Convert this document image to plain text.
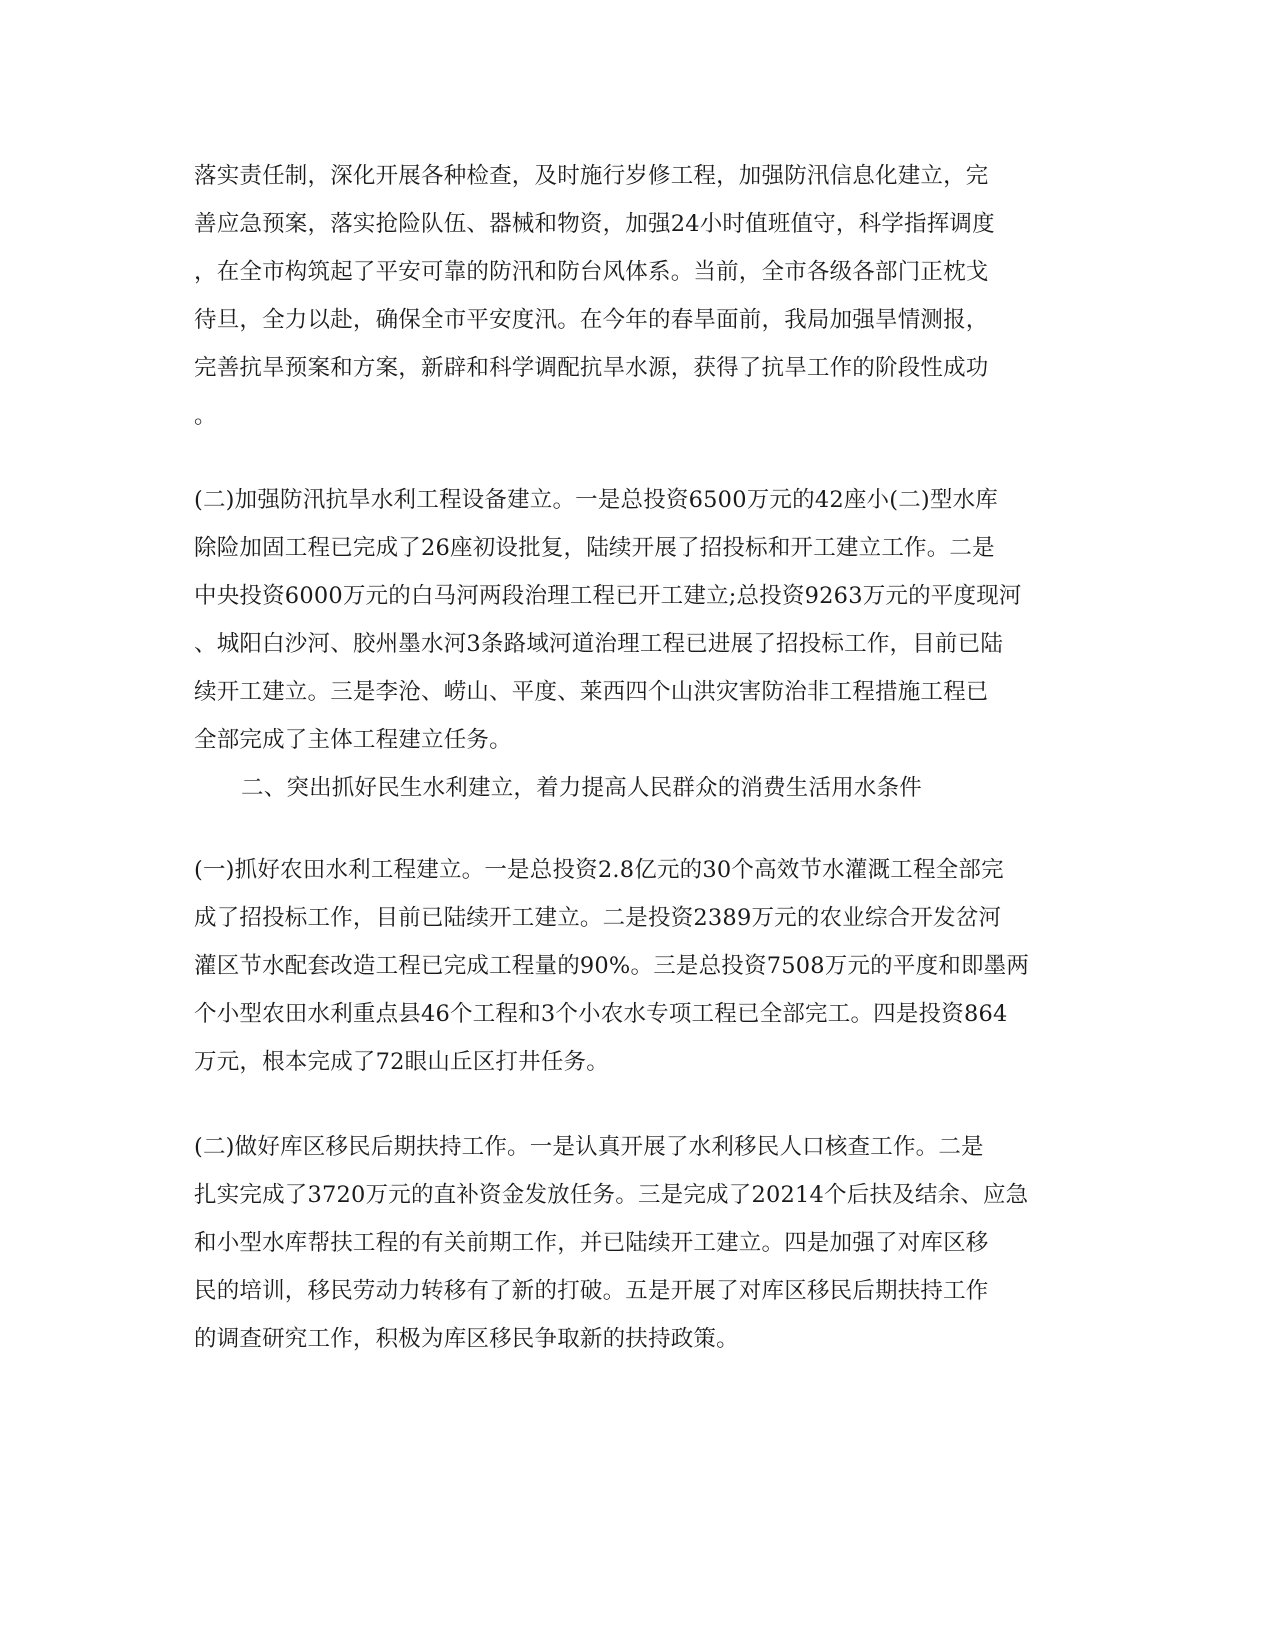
落实责任制，深化开展各种检查，及时施行岁修工程，加强防汛信息化建立，完
善应急预案，落实抢险队伍、器械和物资，加强24小时值班值守，科学指挥调度
，在全市构筑起了平安可靠的防汛和防台风体系。当前，全市各级各部门正枕戈
待旦，全力以赴，确保全市平安度汛。在今年的春旱面前，我局加强旱情测报，
完善抗旱预案和方案，新辟和科学调配抗旱水源，获得了抗旱工作的阶段性成功
。
(二)加强防汛抗旱水利工程设备建立。一是总投资6500万元的42座小(二)型水库
除险加固工程已完成了26座初设批复，陆续开展了招投标和开工建立工作。二是
中央投资6000万元的白马河两段治理工程已开工建立;总投资9263万元的平度现河
、城阳白沙河、胶州墨水河3条路域河道治理工程已进展了招投标工作，目前已陆
续开工建立。三是李沧、崂山、平度、莱西四个山洪灾害防治非工程措施工程已
全部完成了主体工程建立任务。
二、突出抓好民生水利建立，着力提高人民群众的消费生活用水条件
(一)抓好农田水利工程建立。一是总投资2.8亿元的30个高效节水灌溉工程全部完
成了招投标工作，目前已陆续开工建立。二是投资2389万元的农业综合开发岔河
灌区节水配套改造工程已完成工程量的90%。三是总投资7508万元的平度和即墨两
个小型农田水利重点县46个工程和3个小农水专项工程已全部完工。四是投资864
万元，根本完成了72眼山丘区打井任务。
(二)做好库区移民后期扶持工作。一是认真开展了水利移民人口核查工作。二是
扎实完成了3720万元的直补资金发放任务。三是完成了20214个后扶及结余、应急
和小型水库帮扶工程的有关前期工作，并已陆续开工建立。四是加强了对库区移
民的培训，移民劳动力转移有了新的打破。五是开展了对库区移民后期扶持工作
的调查研究工作，积极为库区移民争取新的扶持政策。
